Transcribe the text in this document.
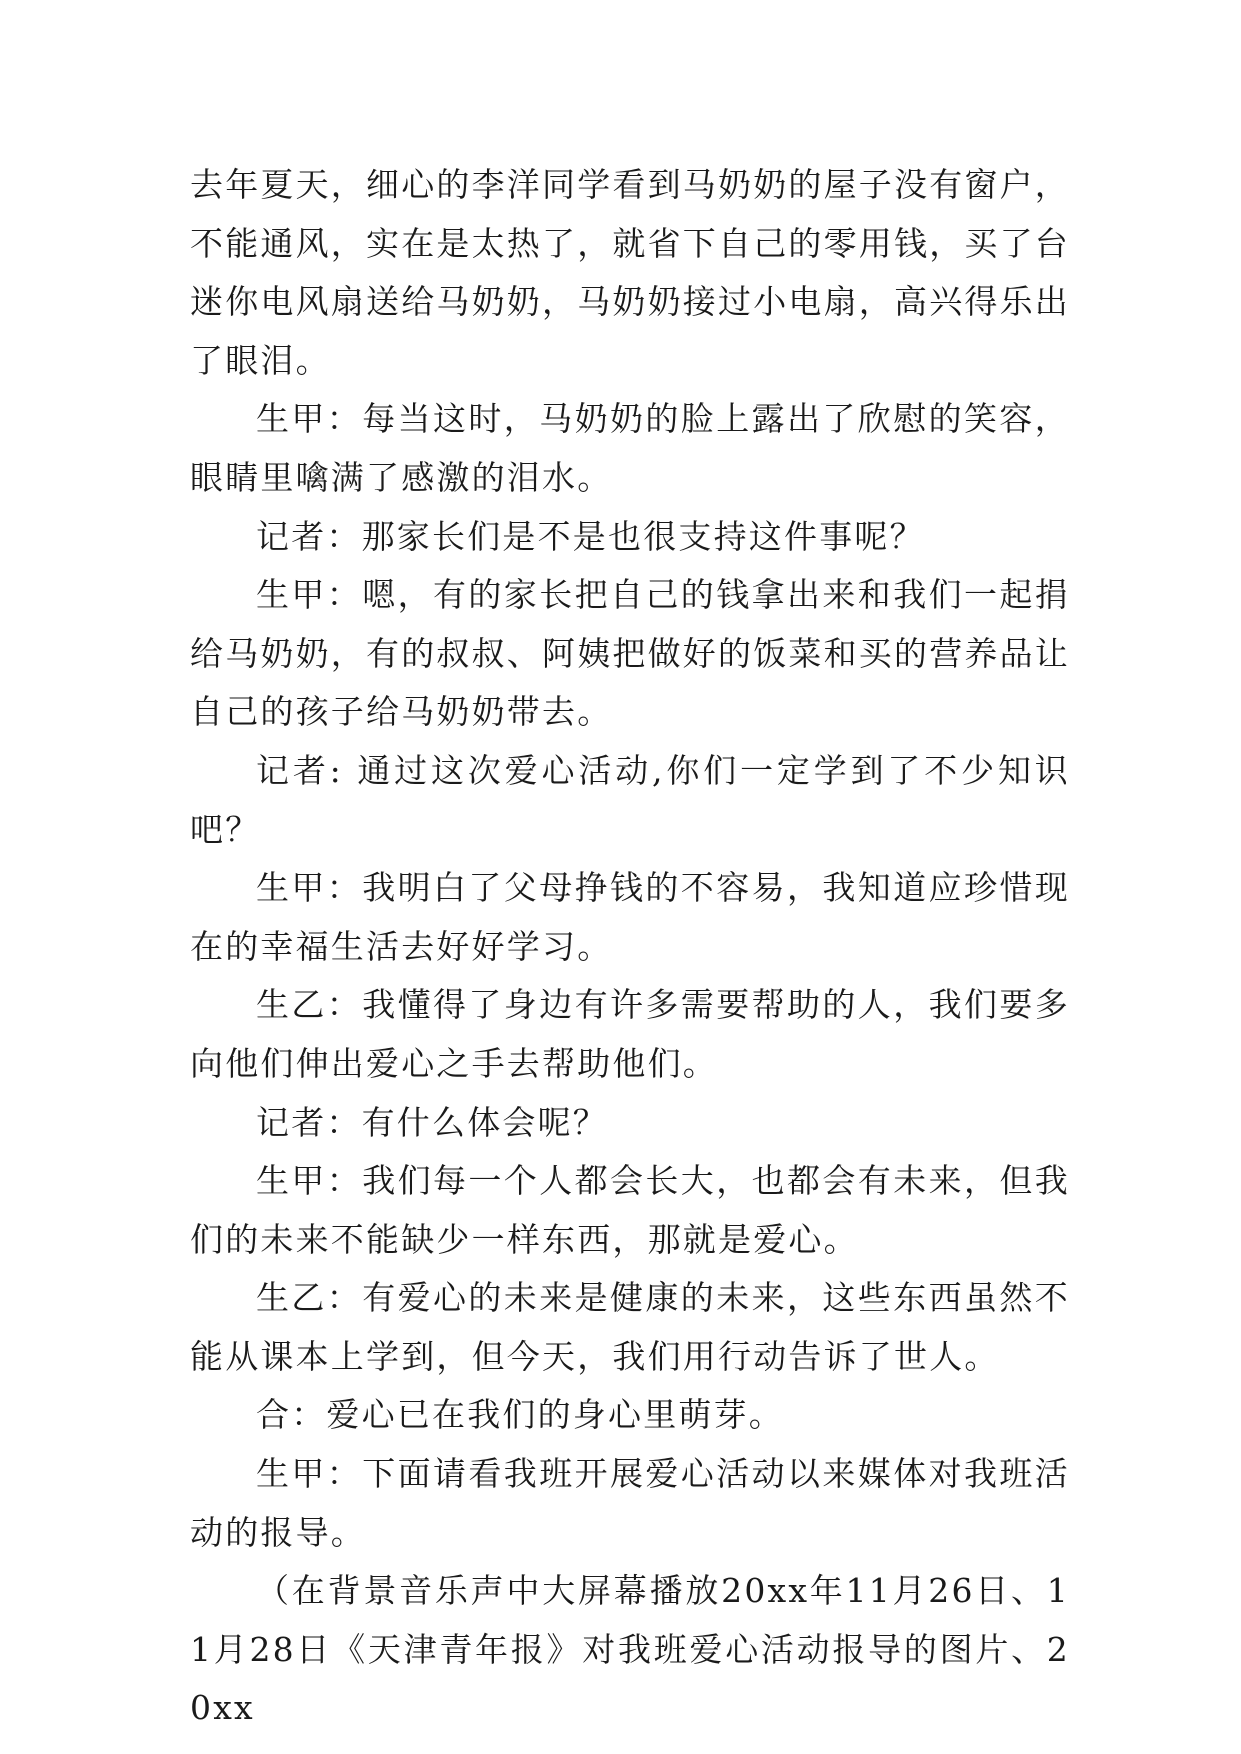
去年夏天，细心的李洋同学看到马奶奶的屋子没有窗户，不能通风，实在是太热了，就省下自己的零用钱，买了台迷你电风扇送给马奶奶，马奶奶接过小电扇，高兴得乐出了眼泪。

生甲：每当这时，马奶奶的脸上露出了欣慰的笑容，眼睛里噙满了感激的泪水。

记者：那家长们是不是也很支持这件事呢？

生甲：嗯，有的家长把自己的钱拿出来和我们一起捐给马奶奶，有的叔叔、阿姨把做好的饭菜和买的营养品让自己的孩子给马奶奶带去。

记者: 通过这次爱心活动,你们一定学到了不少知识吧？

生甲：我明白了父母挣钱的不容易，我知道应珍惜现在的幸福生活去好好学习。

生乙：我懂得了身边有许多需要帮助的人，我们要多向他们伸出爱心之手去帮助他们。

记者：有什么体会呢？

生甲：我们每一个人都会长大，也都会有未来，但我们的未来不能缺少一样东西，那就是爱心。

生乙：有爱心的未来是健康的未来，这些东西虽然不能从课本上学到，但今天，我们用行动告诉了世人。

合：爱心已在我们的身心里萌芽。

生甲：下面请看我班开展爱心活动以来媒体对我班活动的报导。

（在背景音乐声中大屏幕播放20xx年11月26日、11月28日《天津青年报》对我班爱心活动报导的图片、20xx
